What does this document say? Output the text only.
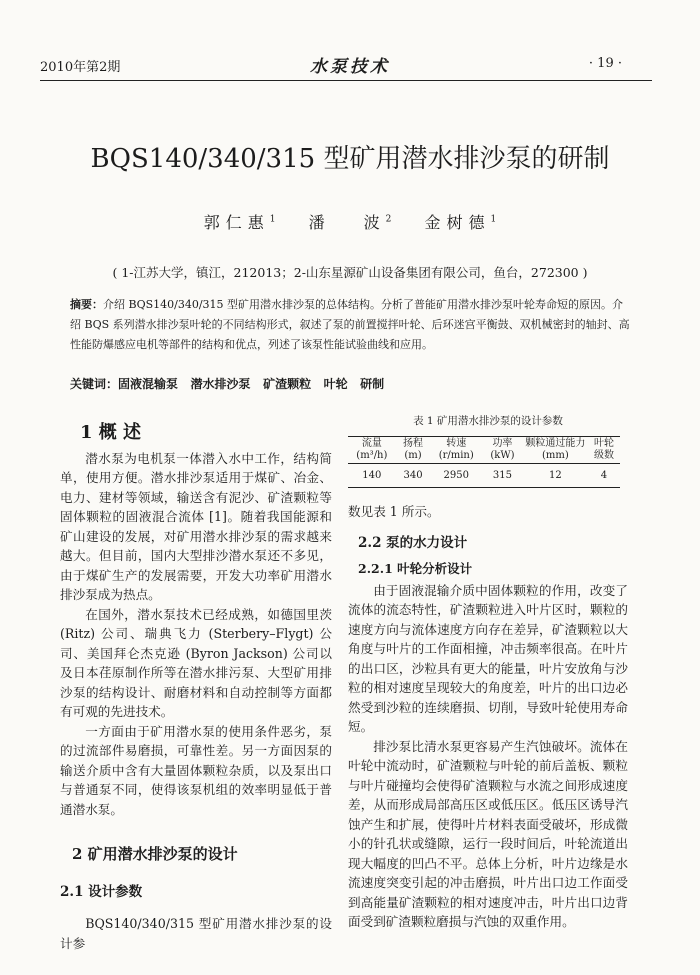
2010年第2期	水泵技术	· 19 ·
BQS140/340/315 型矿用潜水排沙泵的研制
郭仁惠$^1$ 潘 波$^2$ 金树德$^1$
( 1-江苏大学，镇江，212013；2-山东星源矿山设备集团有限公司，鱼台，272300 )
摘要：介绍 BQS140/340/315 型矿用潜水排沙泵的总体结构。分析了普能矿用潜水排沙泵叶轮寿命短的原因。介绍 BQS 系列潜水排沙泵叶轮的不同结构形式，叙述了泵的前置搅拌叶轮、后环迷宫平衡鼓、双机械密封的轴封、高性能防爆感应电机等部件的结构和优点，列述了该泵性能试验曲线和应用。
关键词：固液混输泵   潜水排沙泵   矿渣颗粒   叶轮   研制
1 概 述

潜水泵为电机泵一体潜入水中工作，结构简单，使用方便。潜水排沙泵适用于煤矿、冶金、电力、建材等领域，输送含有泥沙、矿渣颗粒等固体颗粒的固液混合流体 [1]。随着我国能源和矿山建设的发展，对矿用潜水排沙泵的需求越来越大。但目前，国内大型排沙潜水泵还不多见，由于煤矿生产的发展需要，开发大功率矿用潜水排沙泵成为热点。

在国外，潜水泵技术已经成熟，如德国里茨(Ritz) 公司、瑞典飞力 (Sterbery–Flygt) 公司、美国拜仑杰克逊 (Byron Jackson) 公司以及日本荏原制作所等在潜水排污泵、大型矿用排沙泵的结构设计、耐磨材料和自动控制等方面都有可观的先进技术。

一方面由于矿用潜水泵的使用条件恶劣，泵的过流部件易磨损，可靠性差。另一方面因泵的输送介质中含有大量固体颗粒杂质，以及泵出口与普通泵不同，使得该泵机组的效率明显低于普通潜水泵。

2 矿用潜水排沙泵的设计
2.1 设计参数

BQS140/340/315 型矿用潜水排沙泵的设计参

表 1 矿用潜水排沙泵的设计参数
流量 (m³/h)	扬程 (m)	转速 (r/min)	功率 (kW)	颗粒通过能力 (mm)	叶轮 级数
140	340	2950	315	12	4
数见表 1 所示。
2.2 泵的水力设计
2.2.1 叶轮分析设计

由于固液混输介质中固体颗粒的作用，改变了流体的流态特性，矿渣颗粒进入叶片区时，颗粒的速度方向与流体速度方向存在差异，矿渣颗粒以大角度与叶片的工作面相撞，冲击频率很高。在叶片的出口区，沙粒具有更大的能量，叶片安放角与沙粒的相对速度呈现较大的角度差，叶片的出口边必然受到沙粒的连续磨损、切削，导致叶轮使用寿命短。

排沙泵比清水泵更容易产生汽蚀破坏。流体在叶轮中流动时，矿渣颗粒与叶轮的前后盖板、颗粒与叶片碰撞均会使得矿渣颗粒与水流之间形成速度差，从而形成局部高压区或低压区。低压区诱导汽蚀产生和扩展，使得叶片材料表面受破坏，形成微小的针孔状或缝隙，运行一段时间后，叶轮流道出现大幅度的凹凸不平。总体上分析，叶片边缘是水流速度突变引起的冲击磨损，叶片出口边工作面受到高能量矿渣颗粒的相对速度冲击，叶片出口边背面受到矿渣颗粒磨损与汽蚀的双重作用。
